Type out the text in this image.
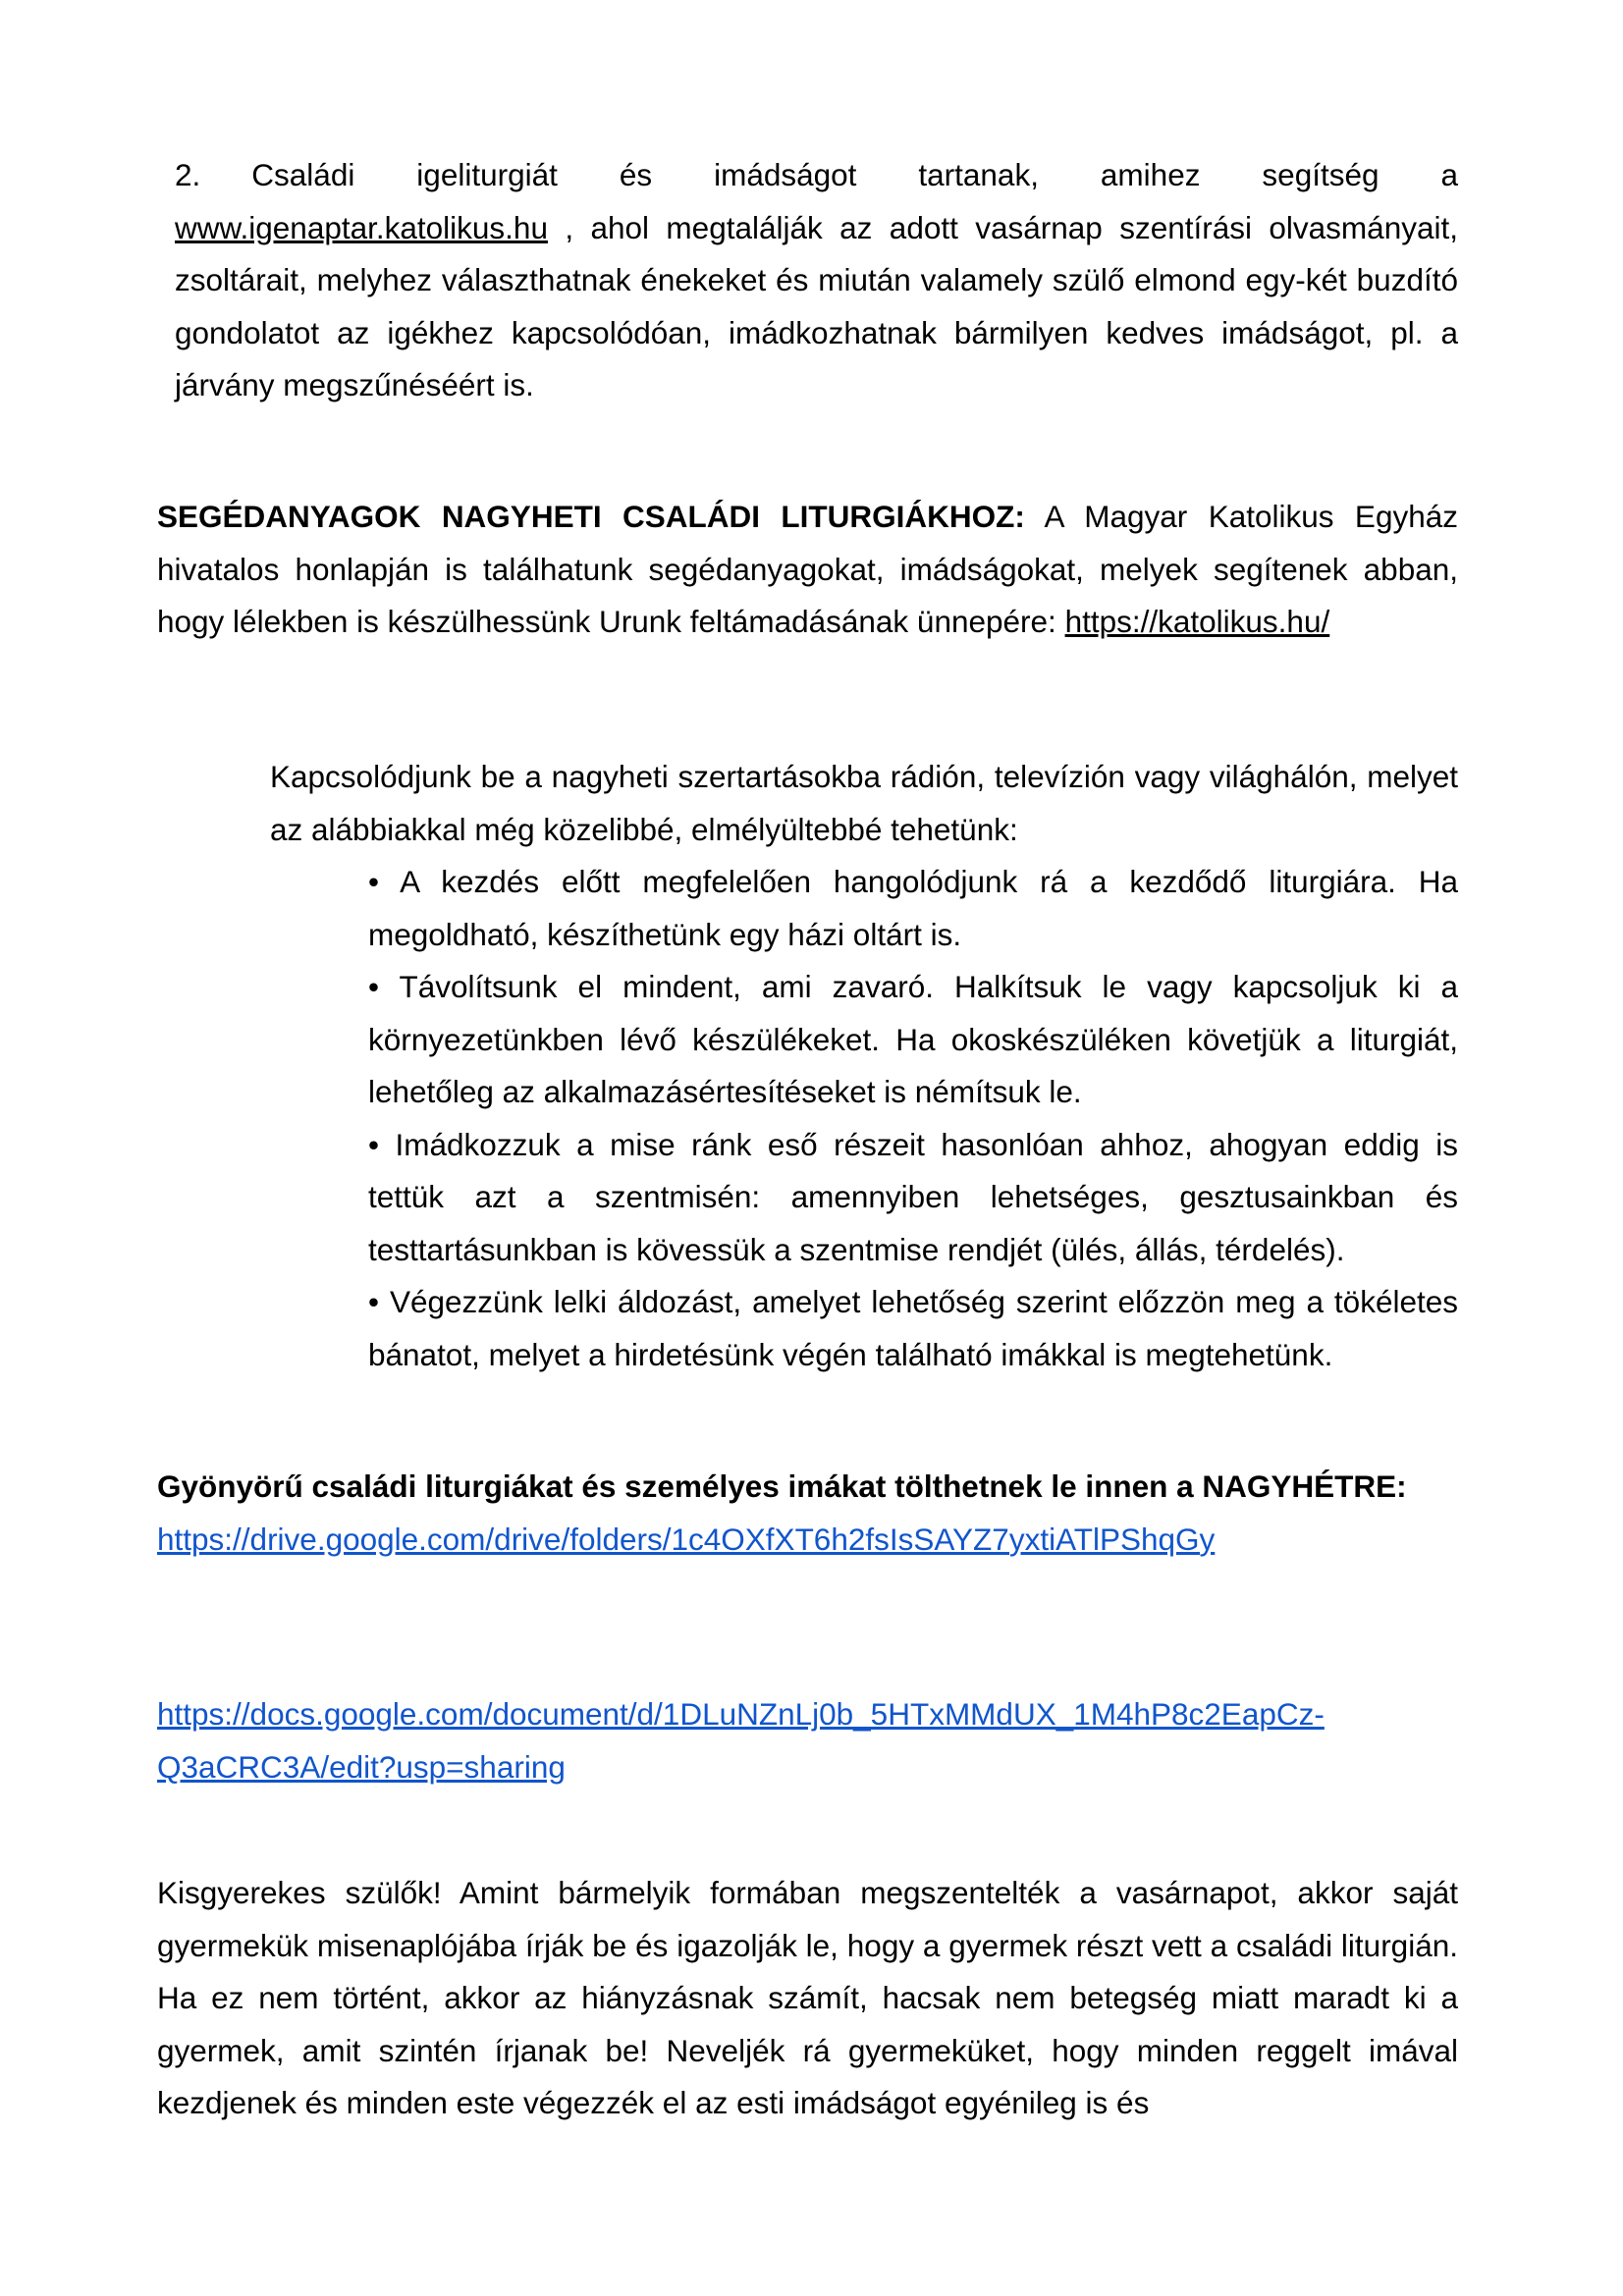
2. Családi igeliturgiát és imádságot tartanak, amihez segítség a www.igenaptar.katolikus.hu , ahol megtalálják az adott vasárnap szentírási olvasmányait, zsoltárait, melyhez választhatnak énekeket és miután valamely szülő elmond egy-két buzdító gondolatot az igékhez kapcsolódóan, imádkozhatnak bármilyen kedves imádságot, pl. a járvány megszűnéséért is.
SEGÉDANYAGOK NAGYHETI CSALÁDI LITURGIÁKHOZ: A Magyar Katolikus Egyház hivatalos honlapján is találhatunk segédanyagokat, imádságokat, melyek segítenek abban, hogy lélekben is készülhessünk Urunk feltámadásának ünnepére: https://katolikus.hu/
Kapcsolódjunk be a nagyheti szertartásokba rádión, televízión vagy világhálón, melyet az alábbiakkal még közelibbé, elmélyültebbé tehetünk:
• A kezdés előtt megfelelően hangolódjunk rá a kezdődő liturgiára. Ha megoldható, készíthetünk egy házi oltárt is.
• Távolítsunk el mindent, ami zavaró. Halkítsuk le vagy kapcsoljuk ki a környezetünkben lévő készülékeket. Ha okoskészüléken követjük a liturgiát, lehetőleg az alkalmazásértesítéseket is némítsuk le.
• Imádkozzuk a mise ránk eső részeit hasonlóan ahhoz, ahogyan eddig is tettük azt a szentmisén: amennyiben lehetséges, gesztusainkban és testtartásunkban is kövessük a szentmise rendjét (ülés, állás, térdelés).
• Végezzünk lelki áldozást, amelyet lehetőség szerint előzzön meg a tökéletes bánatot, melyet a hirdetésünk végén található imákkal is megtehetünk.
Gyönyörű családi liturgiákat és személyes imákat tölthetnek le innen a NAGYHÉTRE:
https://drive.google.com/drive/folders/1c4OXfXT6h2fsIsSAYZ7yxtiATlPShqGy
https://docs.google.com/document/d/1DLuNZnLj0b_5HTxMMdUX_1M4hP8c2EapCz-Q3aCRC3A/edit?usp=sharing
Kisgyerekes szülők! Amint bármelyik formában megszentelték a vasárnapot, akkor saját gyermekük misenaplójába írják be és igazolják le, hogy a gyermek részt vett a családi liturgián. Ha ez nem történt, akkor az hiányzásnak számít, hacsak nem betegség miatt maradt ki a gyermek, amit szintén írjanak be! Neveljék rá gyermeküket, hogy minden reggelt imával kezdjenek és minden este végezzék el az esti imádságot egyénileg is és
